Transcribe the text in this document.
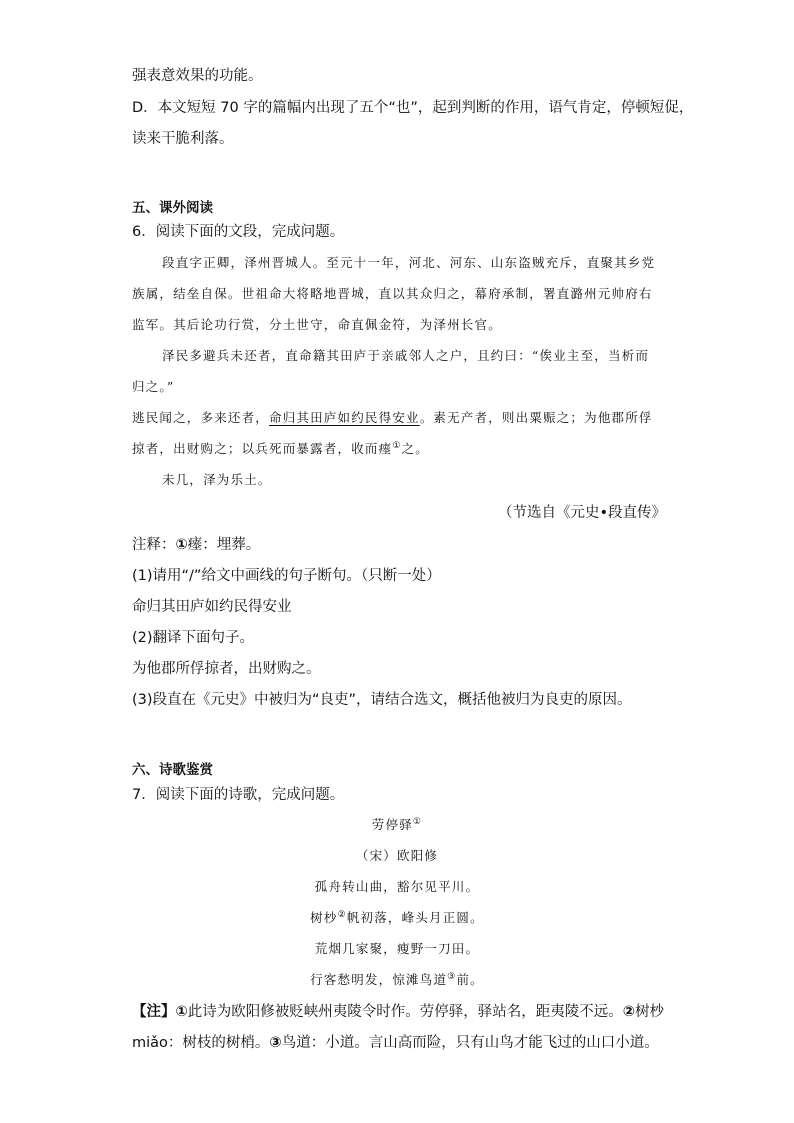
强表意效果的功能。
D．本文短短 70 字的篇幅内出现了五个“也”，起到判断的作用，语气肯定，停顿短促，
读来干脆利落。
五、课外阅读
6．阅读下面的文段，完成问题。
段直字正卿，泽州晋城人。至元十一年，河北、河东、山东盗贼充斥，直聚其乡党
族属，结垒自保。世祖命大将略地晋城，直以其众归之，幕府承制，署直潞州元帅府右
监军。其后论功行赏，分土世守，命直佩金符，为泽州长官。
泽民多避兵未还者，直命籍其田庐于亲戚邻人之户，且约曰：“俟业主至，当析而
归之。”
逃民闻之，多来还者，命归其田庐如约民得安业。素无产者，则出粟赈之；为他郡所俘
掠者，出财购之；以兵死而暴露者，收而瘗①之。
未几，泽为乐土。
（节选自《元史•段直传》
注释：①瘗：埋葬。
(1)请用“/”给文中画线的句子断句。（只断一处）
命归其田庐如约民得安业
(2)翻译下面句子。
为他郡所俘掠者，出财购之。
(3)段直在《元史》中被归为“良吏”，请结合选文，概括他被归为良吏的原因。
六、诗歌鉴赏
7．阅读下面的诗歌，完成问题。
劳停驿①
（宋）欧阳修
孤舟转山曲，豁尔见平川。
树杪②帆初落，峰头月正圆。
荒烟几家聚，瘦野一刀田。
行客愁明发，惊滩鸟道③前。
【注】①此诗为欧阳修被贬峡州夷陵令时作。劳停驿，驿站名，距夷陵不远。②树杪
miǎo：树枝的树梢。③鸟道：小道。言山高而险，只有山鸟才能飞过的山口小道。
